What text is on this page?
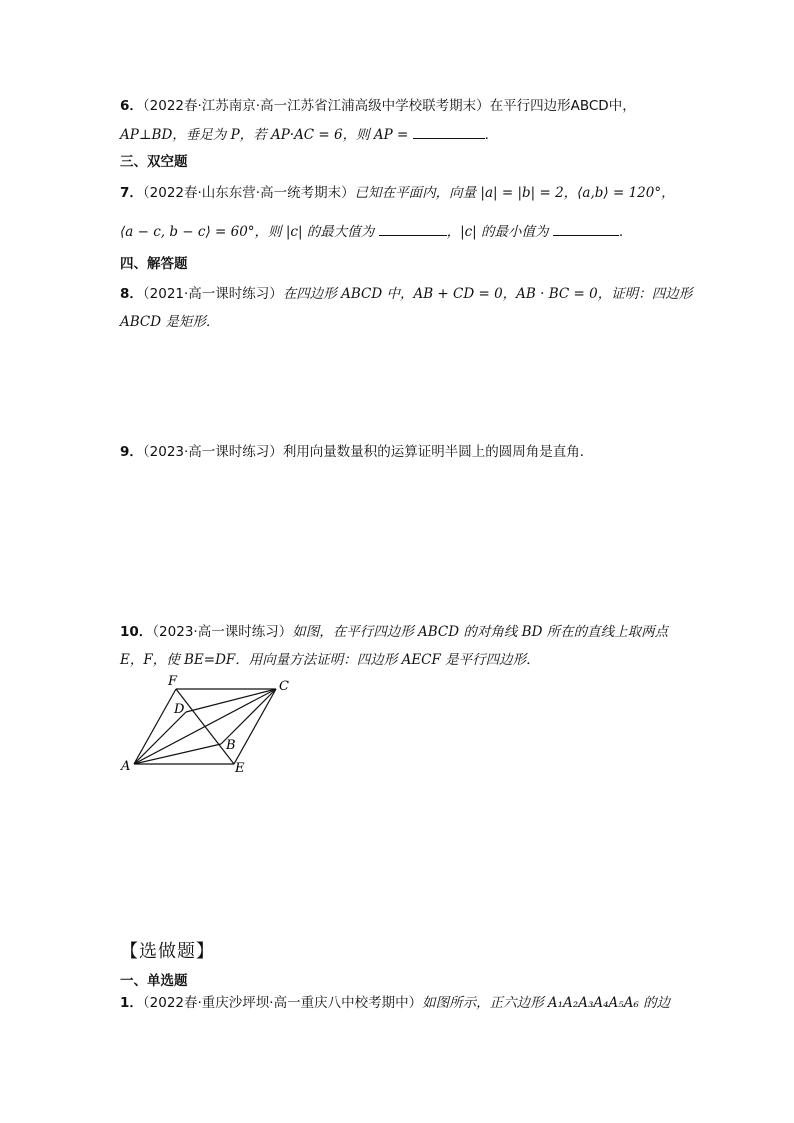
6．（2022春·江苏南京·高一江苏省江浦高级中学校联考期末）在平行四边形ABCD中，
AP⊥BD，垂足为 P，若 AP·AC = 6，则 AP =	．
三、双空题
7．（2022春·山东东营·高一统考期末）已知在平面内，向量 |a| = |b| = 2，⟨a,b⟩ = 120°，
⟨a − c, b − c⟩ = 60°，则 |c| 的最大值为	，|c| 的最小值为	．
四、解答题
8．（2021·高一课时练习）在四边形 ABCD 中，AB + CD = 0，AB · BC = 0，证明：四边形
ABCD 是矩形．
9．（2023·高一课时练习）利用向量数量积的运算证明半圆上的圆周角是直角．
10．（2023·高一课时练习）如图，在平行四边形 ABCD 的对角线 BD 所在的直线上取两点
E，F，使 BE=DF．用向量方法证明：四边形 AECF 是平行四边形．
F	C
D
B
A	E
【选做题】
一、单选题
1．（2022春·重庆沙坪坝·高一重庆八中校考期中）如图所示，正六边形 A₁A₂A₃A₄A₅A₆ 的边
